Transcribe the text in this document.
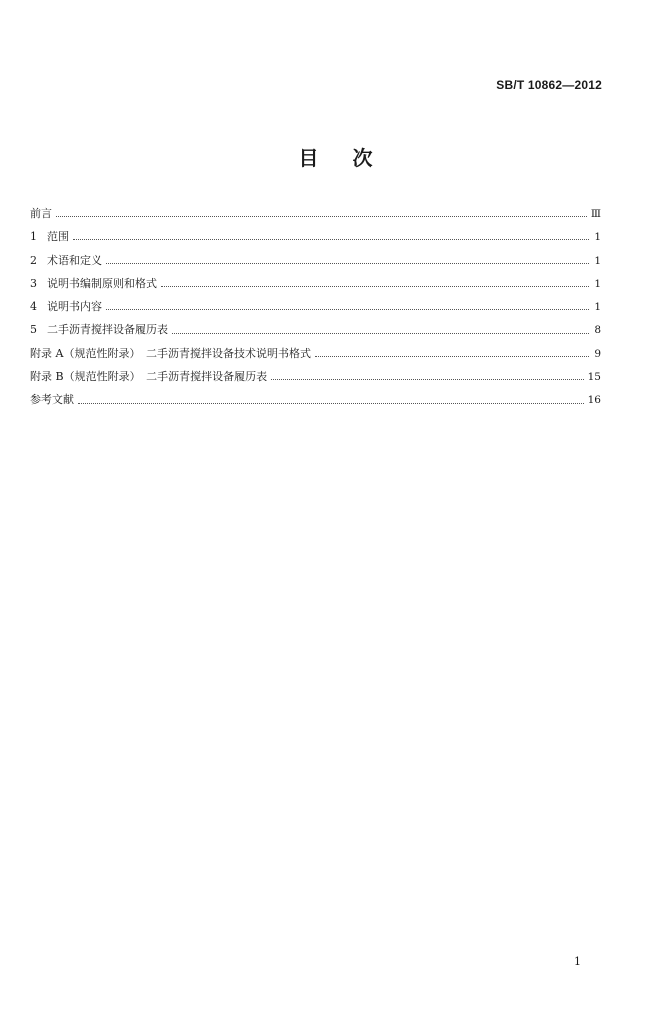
SB/T 10862—2012
目 次
前言	Ⅲ
1 范围	1
2 术语和定义	1
3 说明书编制原则和格式	1
4 说明书内容	1
5 二手沥青搅拌设备履历表	8
附录 A（规范性附录）　二手沥青搅拌设备技术说明书格式	9
附录 B（规范性附录）　二手沥青搅拌设备履历表	15
参考文献	16
1
